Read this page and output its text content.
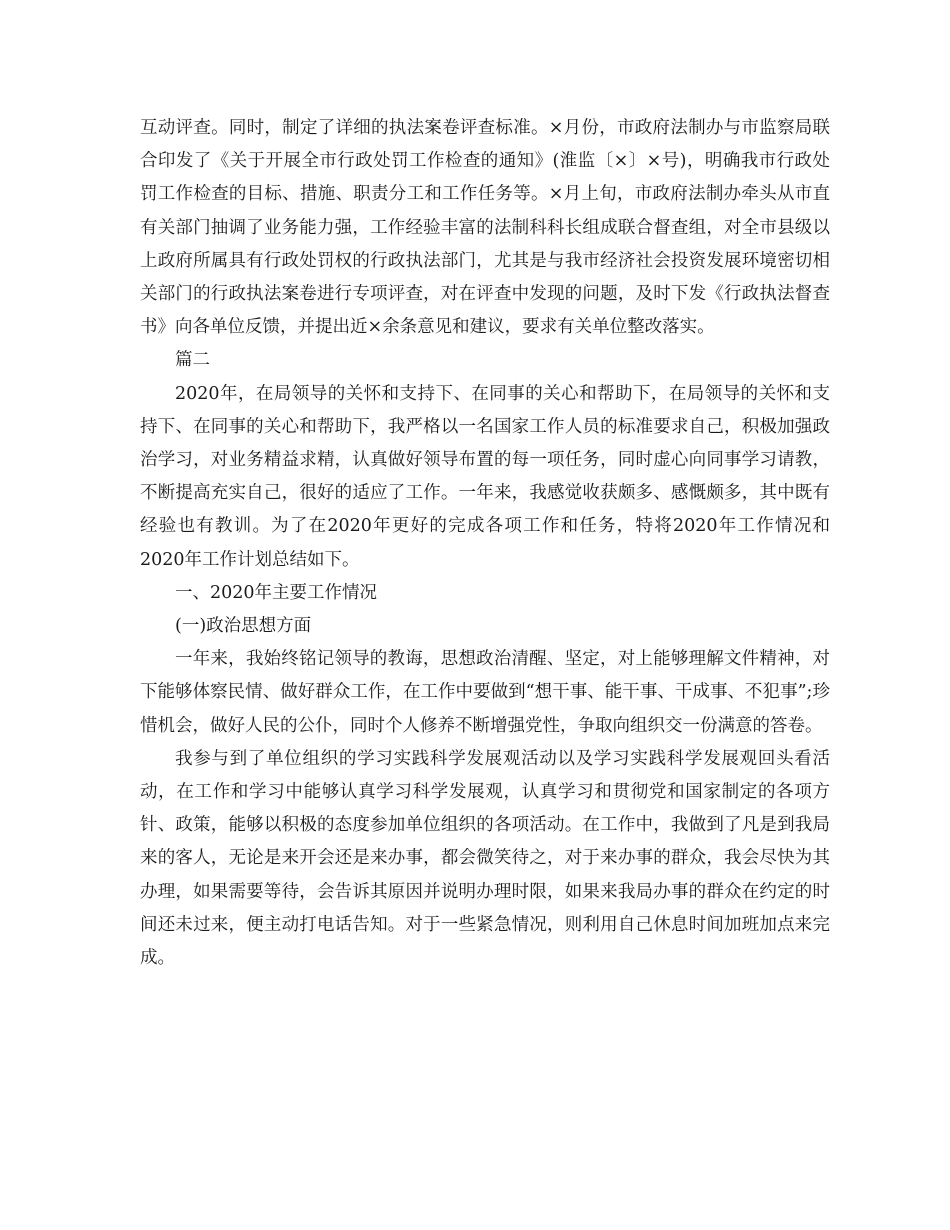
互动评查。同时，制定了详细的执法案卷评查标准。×月份，市政府法制办与市监察局联合印发了《关于开展全市行政处罚工作检查的通知》(淮监〔×〕×号)，明确我市行政处罚工作检查的目标、措施、职责分工和工作任务等。×月上旬，市政府法制办牵头从市直有关部门抽调了业务能力强，工作经验丰富的法制科科长组成联合督查组，对全市县级以上政府所属具有行政处罚权的行政执法部门，尤其是与我市经济社会投资发展环境密切相关部门的行政执法案卷进行专项评查，对在评查中发现的问题，及时下发《行政执法督查书》向各单位反馈，并提出近×余条意见和建议，要求有关单位整改落实。

篇二

2020年，在局领导的关怀和支持下、在同事的关心和帮助下，在局领导的关怀和支持下、在同事的关心和帮助下，我严格以一名国家工作人员的标准要求自己，积极加强政治学习，对业务精益求精，认真做好领导布置的每一项任务，同时虚心向同事学习请教，不断提高充实自己，很好的适应了工作。一年来，我感觉收获颇多、感慨颇多，其中既有经验也有教训。为了在2020年更好的完成各项工作和任务，特将2020年工作情况和2020年工作计划总结如下。

一、2020年主要工作情况

(一)政治思想方面

一年来，我始终铭记领导的教诲，思想政治清醒、坚定，对上能够理解文件精神，对下能够体察民情、做好群众工作，在工作中要做到“想干事、能干事、干成事、不犯事”;珍惜机会，做好人民的公仆，同时个人修养不断增强党性，争取向组织交一份满意的答卷。

我参与到了单位组织的学习实践科学发展观活动以及学习实践科学发展观回头看活动，在工作和学习中能够认真学习科学发展观，认真学习和贯彻党和国家制定的各项方针、政策，能够以积极的态度参加单位组织的各项活动。在工作中，我做到了凡是到我局来的客人，无论是来开会还是来办事，都会微笑待之，对于来办事的群众，我会尽快为其办理，如果需要等待，会告诉其原因并说明办理时限，如果来我局办事的群众在约定的时间还未过来，便主动打电话告知。对于一些紧急情况，则利用自己休息时间加班加点来完成。
